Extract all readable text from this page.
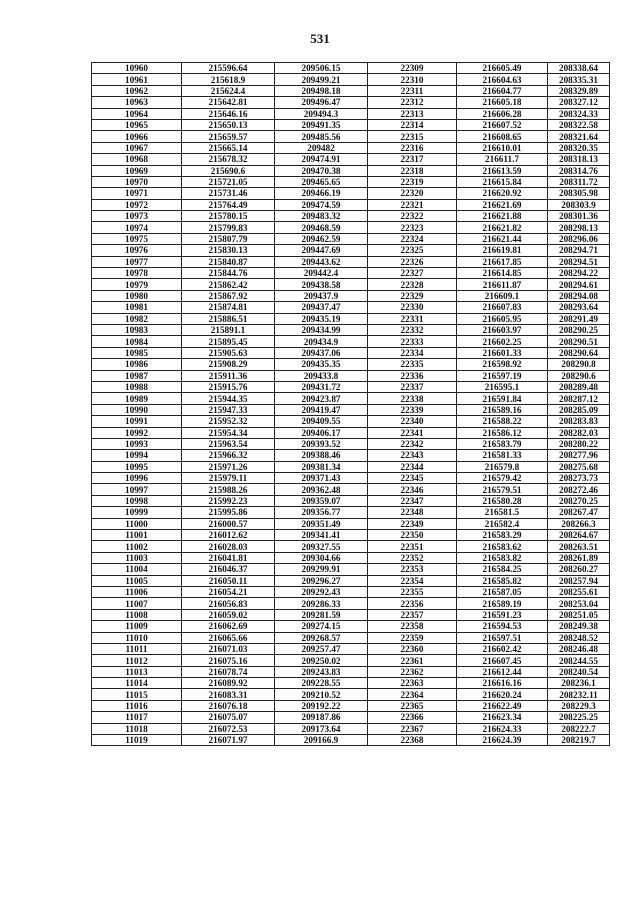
531
10960	215596.64	209506.15	22309	216605.49	208338.64
10961	215618.9	209499.21	22310	216604.63	208335.31
10962	215624.4	209498.18	22311	216604.77	208329.89
10963	215642.81	209496.47	22312	216605.18	208327.12
10964	215646.16	209494.3	22313	216606.28	208324.33
10965	215650.13	209491.35	22314	216607.52	208322.58
10966	215659.57	209485.56	22315	216608.65	208321.64
10967	215665.14	209482	22316	216610.01	208320.35
10968	215678.32	209474.91	22317	216611.7	208318.13
10969	215690.6	209470.38	22318	216613.59	208314.76
10970	215721.05	209465.65	22319	216615.84	208311.72
10971	215731.46	209466.19	22320	216620.92	208305.98
10972	215764.49	209474.59	22321	216621.69	208303.9
10973	215780.15	209483.32	22322	216621.88	208301.36
10974	215799.83	209468.59	22323	216621.82	208298.13
10975	215807.79	209462.59	22324	216621.44	208296.06
10976	215830.13	209447.69	22325	216619.81	208294.71
10977	215840.87	209443.62	22326	216617.85	208294.51
10978	215844.76	209442.4	22327	216614.85	208294.22
10979	215862.42	209438.58	22328	216611.87	208294.61
10980	215867.92	209437.9	22329	216609.1	208294.08
10981	215874.81	209437.47	22330	216607.83	208293.64
10982	215886.51	209435.19	22331	216605.95	208291.49
10983	215891.1	209434.99	22332	216603.97	208290.25
10984	215895.45	209434.9	22333	216602.25	208290.51
10985	215905.63	209437.06	22334	216601.33	208290.64
10986	215908.29	209435.35	22335	216598.92	208290.8
10987	215911.36	209433.8	22336	216597.19	208290.6
10988	215915.76	209431.72	22337	216595.1	208289.48
10989	215944.35	209423.87	22338	216591.84	208287.12
10990	215947.33	209419.47	22339	216589.16	208285.09
10991	215952.32	209409.55	22340	216588.22	208283.83
10992	215954.34	209406.17	22341	216586.12	208282.03
10993	215963.54	209393.52	22342	216583.79	208280.22
10994	215966.32	209388.46	22343	216581.33	208277.96
10995	215971.26	209381.34	22344	216579.8	208275.68
10996	215979.11	209371.43	22345	216579.42	208273.73
10997	215988.26	209362.48	22346	216579.51	208272.46
10998	215992.23	209359.07	22347	216580.28	208270.25
10999	215995.86	209356.77	22348	216581.5	208267.47
11000	216000.57	209351.49	22349	216582.4	208266.3
11001	216012.62	209341.41	22350	216583.29	208264.67
11002	216028.03	209327.55	22351	216583.62	208263.51
11003	216041.81	209304.66	22352	216583.82	208261.89
11004	216046.37	209299.91	22353	216584.25	208260.27
11005	216050.11	209296.27	22354	216585.82	208257.94
11006	216054.21	209292.43	22355	216587.05	208255.61
11007	216056.83	209286.33	22356	216589.19	208253.04
11008	216059.02	209281.59	22357	216591.23	208251.05
11009	216062.69	209274.15	22358	216594.53	208249.38
11010	216065.66	209268.57	22359	216597.51	208248.52
11011	216071.03	209257.47	22360	216602.42	208246.48
11012	216075.16	209250.02	22361	216607.45	208244.55
11013	216078.74	209243.83	22362	216612.44	208240.54
11014	216089.92	209228.55	22363	216616.16	208236.1
11015	216083.31	209210.52	22364	216620.24	208232.11
11016	216076.18	209192.22	22365	216622.49	208229.3
11017	216075.07	209187.86	22366	216623.34	208225.25
11018	216072.53	209173.64	22367	216624.33	208222.7
11019	216071.97	209166.9	22368	216624.39	208219.7
